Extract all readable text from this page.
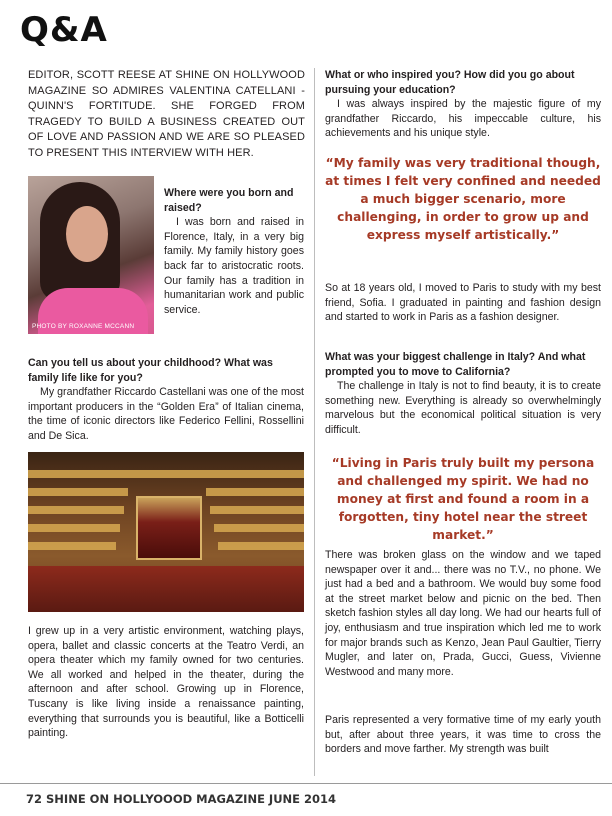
Q&A
EDITOR, SCOTT REESE AT SHINE ON HOLLYWOOD MAGAZINE SO ADMIRES VALENTINA CATELLANI - QUINN'S FORTITUDE. SHE FORGED FROM TRAGEDY TO BUILD A BUSINESS CREATED OUT OF LOVE AND PASSION AND WE ARE SO PLEASED TO PRESENT THIS INTERVIEW WITH HER.
PHOTO BY ROXANNE MCCANN
Where were you born and raised?
I was born and raised in Florence, Italy, in a very big family. My family history goes back far to aristocratic roots. Our family has a tradition in humanitarian work and public service.
Can you tell us about your childhood? What was family life like for you?
My grandfather Riccardo Castellani was one of the most important producers in the “Golden Era” of Italian cinema, the time of iconic directors like Federico Fellini, Rossellini and De Sica.
I grew up in a very artistic environment, watching plays, opera, ballet and classic concerts at the Teatro Verdi, an opera theater which my family owned for two centuries. We all worked and helped in the theater, during the afternoon and after school. Growing up in Florence, Tuscany is like living inside a renaissance painting, everything that surrounds you is beautiful, like a Botticelli painting.
What or who inspired you? How did you go about pursuing your education?
I was always inspired by the majestic figure of my grandfather Riccardo, his impeccable culture, his achievements and his unique style.
“My family was very traditional though, at times I felt very confined and needed a much bigger scenario, more challenging, in order to grow up and express myself artistically.”
So at 18 years old, I moved to Paris to study with my best friend, Sofia. I graduated in painting and fashion design and started to work in Paris as a fashion designer.
What was your biggest challenge in Italy? And what prompted you to move to California?
The challenge in Italy is not to find beauty, it is to create something new. Everything is already so overwhelmingly marvelous but the economical political situation is very difficult.
“Living in Paris truly built my persona and challenged my spirit. We had no money at first and found a room in a forgotten, tiny hotel near the street market.”
There was broken glass on the window and we taped newspaper over it and... there was no T.V., no phone. We just had a bed and a bathroom. We would buy some food at the street market below and picnic on the bed. Then sketch fashion styles all day long. We had our hearts full of joy, enthusiasm and true inspiration which led me to work for major brands such as Kenzo, Jean Paul Gaultier, Tierry Mugler, and later on, Prada, Gucci, Guess, Vivienne Westwood and many more.
Paris represented a very formative time of my early youth but, after about three years, it was time to cross the borders and move farther. My strength was built
72 SHINE ON HOLLYOOOD MAGAZINE JUNE 2014
